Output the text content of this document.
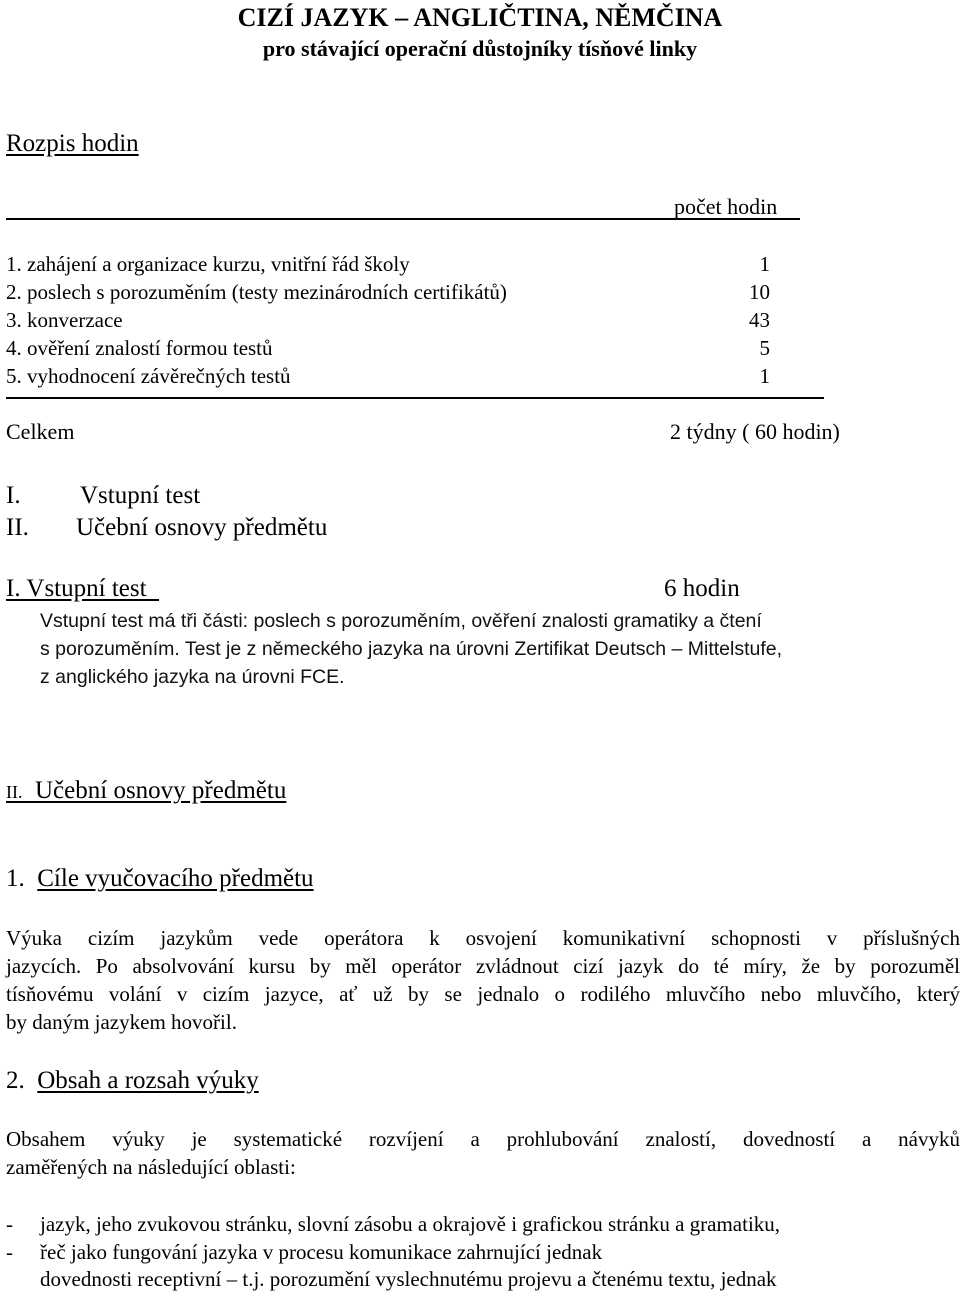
CIZÍ JAZYK – ANGLIČTINA, NĚMČINA
pro stávající operační důstojníky tísňové linky
Rozpis hodin
počet hodin
1. zahájení a organizace kurzu, vnitřní řád školy	1
2. poslech s porozuměním (testy mezinárodních certifikátů)	10
3. konverzace	43
4. ověření znalostí formou testů	5
5. vyhodnocení závěrečných testů	1
Celkem	2 týdny ( 60 hodin)
I. Vstupní test
II. Učební osnovy předmětu
I. Vstupní test	6 hodin
Vstupní test má tři části: poslech s porozuměním, ověření znalosti gramatiky a čtení
s porozuměním. Test je z německého jazyka na úrovni Zertifikat Deutsch – Mittelstufe,
z anglického jazyka na úrovni FCE.
II. Učební osnovy předmětu
1. Cíle vyučovacího předmětu
Výuka cizím jazykům vede operátora k osvojení komunikativní schopnosti v příslušných
jazycích. Po absolvování kursu by měl operátor zvládnout cizí jazyk do té míry, že by porozuměl
tísňovému volání v cizím jazyce, ať už by se jednalo o rodilého mluvčího nebo mluvčího, který
by daným jazykem hovořil.
2. Obsah a rozsah výuky
Obsahem výuky je systematické rozvíjení a prohlubování znalostí, dovedností a návyků
zaměřených na následující oblasti:
- jazyk, jeho zvukovou stránku, slovní zásobu a okrajově i grafickou stránku a gramatiku,
- řeč jako fungování jazyka v procesu komunikace zahrnující jednak
dovednosti receptivní – t.j. porozumění vyslechnutému projevu a čtenému textu, jednak
